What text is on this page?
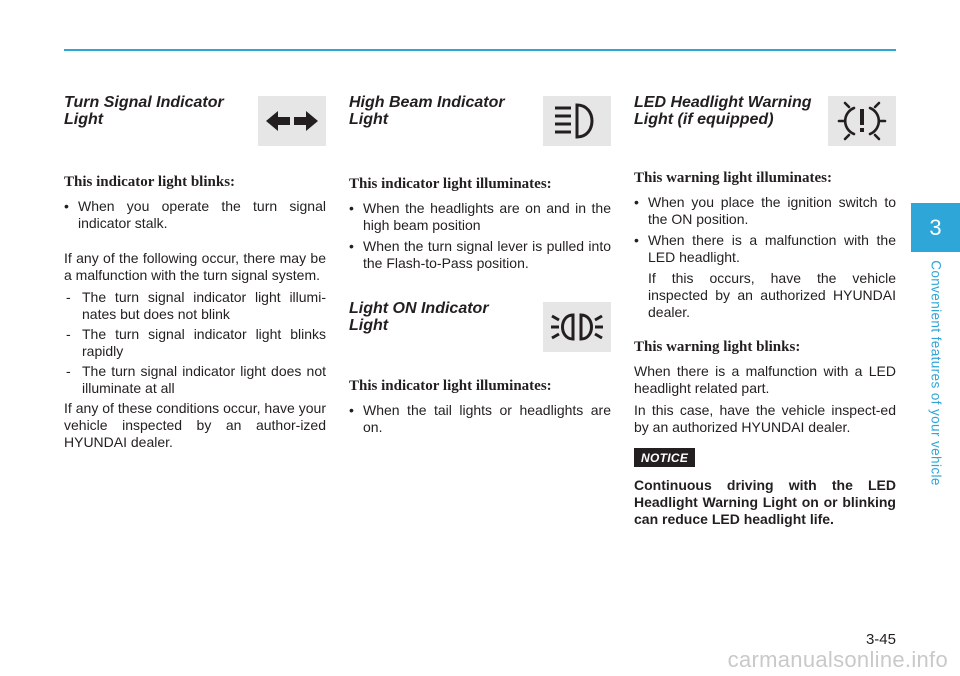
Turn Signal Indicator
Light
This indicator light blinks:
• When you operate the turn signal indicator stalk.

If any of the following occur, there may be a malfunction with the turn signal system.

- The turn signal indicator light illumi-nates but does not blink
- The turn signal indicator light blinks rapidly
- The turn signal indicator light does not illuminate at all

If any of these conditions occur, have your vehicle inspected by an author-ized HYUNDAI dealer.

High Beam Indicator
Light
This indicator light illuminates:
• When the headlights are on and in the high beam position
• When the turn signal lever is pulled into the Flash-to-Pass position.
Light ON Indicator
Light
This indicator light illuminates:
• When the tail lights or headlights are on.
LED Headlight Warning
Light (if equipped)
This warning light illuminates:
• When you place the ignition switch to the ON position.
• When there is a malfunction with the LED headlight.

If this occurs, have the vehicle inspected by an authorized HYUNDAI dealer.

This warning light blinks:

When there is a malfunction with a LED headlight related part.

In this case, have the vehicle inspect-ed by an authorized HYUNDAI dealer.

NOTICE

Continuous driving with the LED Headlight Warning Light on or blinking can reduce LED headlight life.

3
Convenient features of your vehicle
3-45
carmanualsonline.info
